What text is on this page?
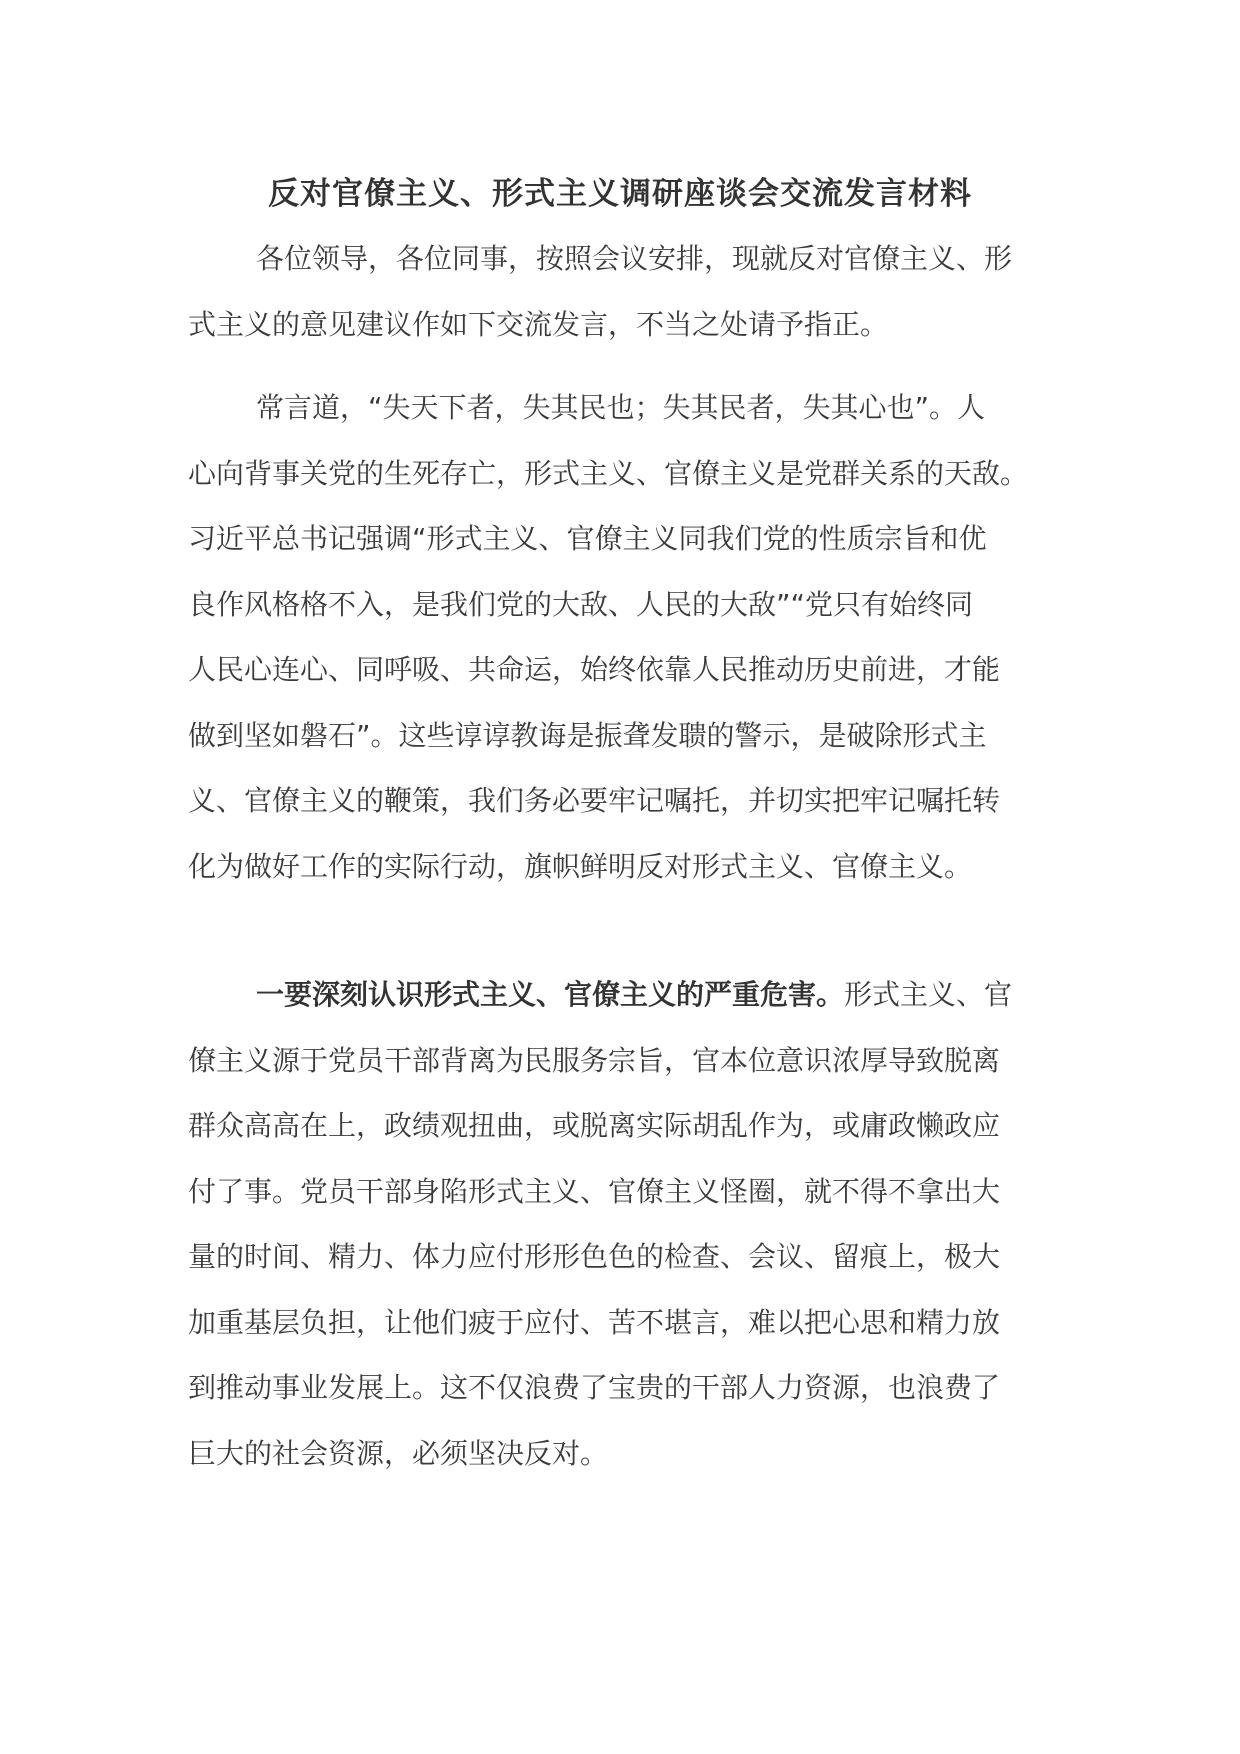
反对官僚主义、形式主义调研座谈会交流发言材料
各位领导，各位同事，按照会议安排，现就反对官僚主义、形
式主义的意见建议作如下交流发言，不当之处请予指正。
常言道，“失天下者，失其民也；失其民者，失其心也”。人
心向背事关党的生死存亡，形式主义、官僚主义是党群关系的天敌。
习近平总书记强调“形式主义、官僚主义同我们党的性质宗旨和优
良作风格格不入，是我们党的大敌、人民的大敌”“党只有始终同
人民心连心、同呼吸、共命运，始终依靠人民推动历史前进，才能
做到坚如磐石”。这些谆谆教诲是振聋发聩的警示，是破除形式主
义、官僚主义的鞭策，我们务必要牢记嘱托，并切实把牢记嘱托转
化为做好工作的实际行动，旗帜鲜明反对形式主义、官僚主义。
一要深刻认识形式主义、官僚主义的严重危害。形式主义、官
僚主义源于党员干部背离为民服务宗旨，官本位意识浓厚导致脱离
群众高高在上，政绩观扭曲，或脱离实际胡乱作为，或庸政懒政应
付了事。党员干部身陷形式主义、官僚主义怪圈，就不得不拿出大
量的时间、精力、体力应付形形色色的检查、会议、留痕上，极大
加重基层负担，让他们疲于应付、苦不堪言，难以把心思和精力放
到推动事业发展上。这不仅浪费了宝贵的干部人力资源，也浪费了
巨大的社会资源，必须坚决反对。
